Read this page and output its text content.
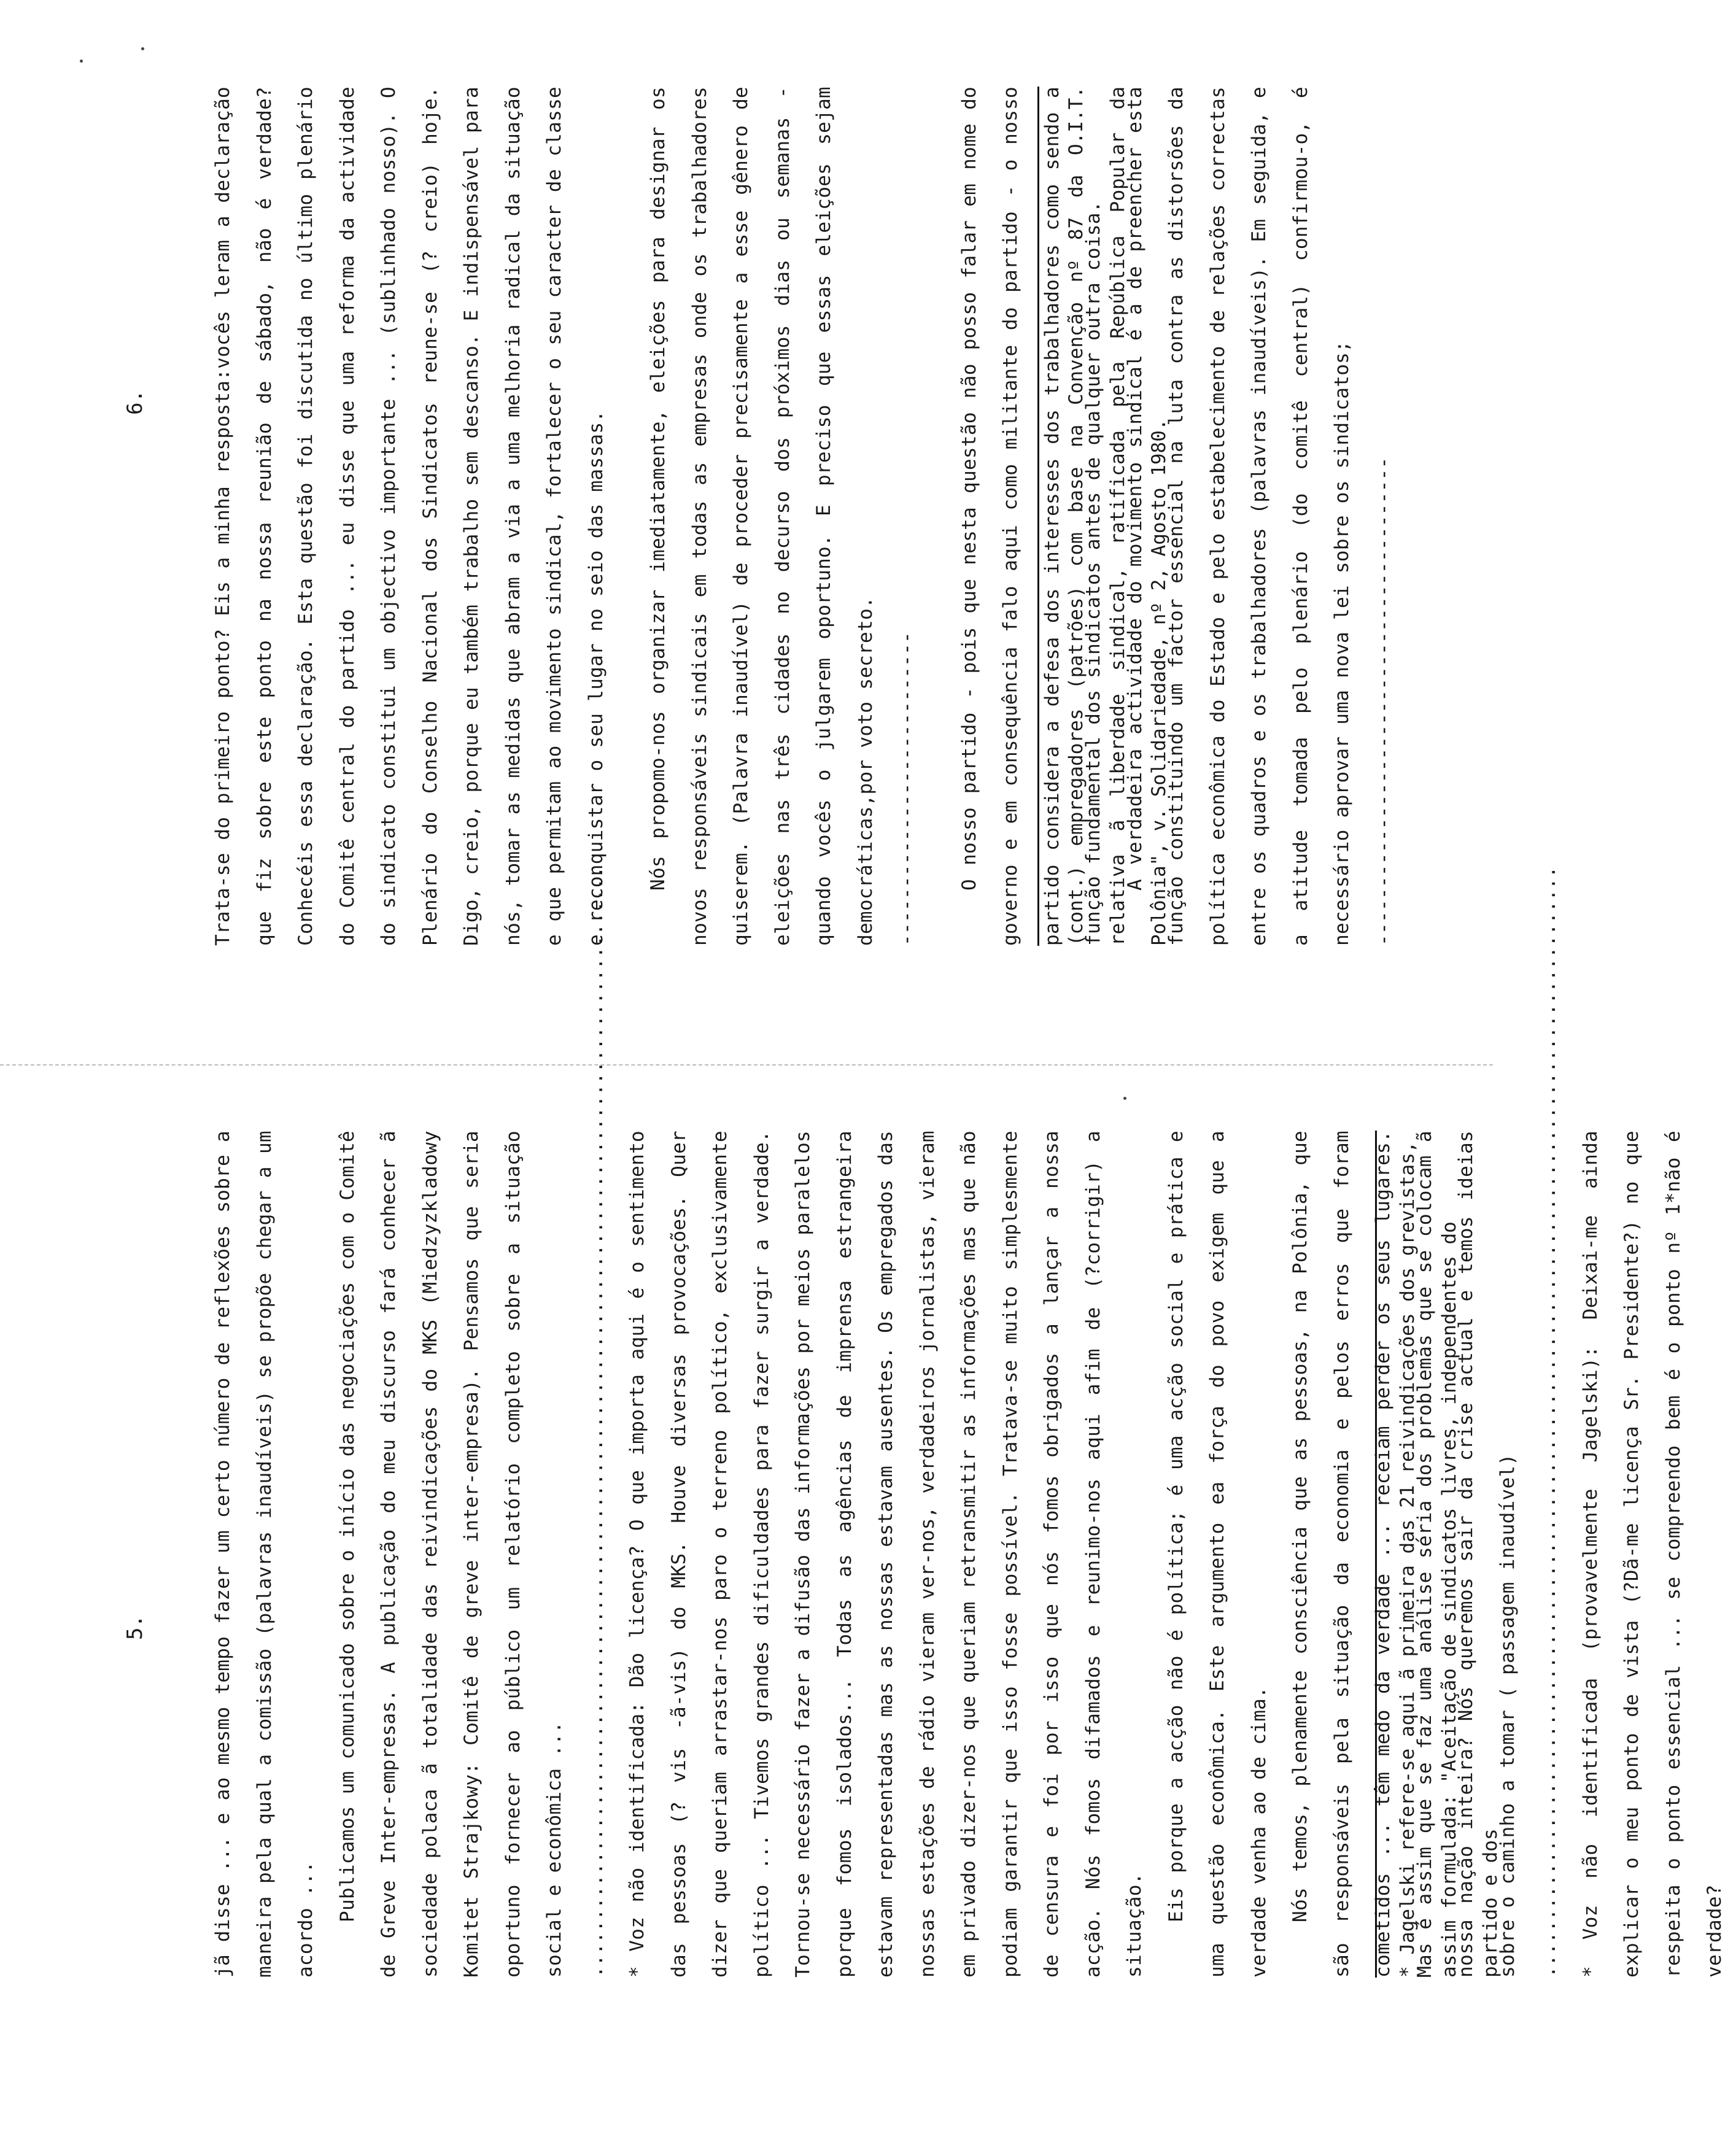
5.	jã disse ... e ao mesmo tempo fazer um certo número de reflexões sobre a maneira pela qual a comissão (palavras inaudíveis) se propõe chegar a um acordo ...	Publicamos um comunicado sobre o início das negociações com o Comitê de Greve Inter-empresas. A publicação do meu discurso fará conhecer ã sociedade polaca ã totalidade das reivindicações do MKS (Miedzyzkladowy Komitet Strajkowy: Comitê de greve inter-empresa). Pensamos que seria oportuno fornecer ao público um relatório completo sobre a situação social e econômica ...	.................................................................................................	* Voz não identificada: Dão licença? O que importa aqui é o sentimento das pessoas (? vis -ã-vis) do MKS. Houve diversas provocações. Quer dizer que queriam arrastar-nos paro o terreno político, exclusivamente político ... Tivemos grandes dificuldades para fazer surgir a verdade. Tornou-se necessário fazer a difusão das informações por meios paralelos porque fomos isolados... Todas as agências de imprensa estrangeira estavam representadas mas as nossas estavam ausentes. Os empregados das nossas estações de rádio vieram ver-nos, verdadeiros jornalistas, vieram em privado dizer-nos que queriam retransmitir as informações mas que não podiam garantir que isso fosse possível. Tratava-se muito simplesmente de censura e foi por isso que nós fomos obrigados a lançar a nossa acção. Nós fomos difamados e reunimo-nos aqui afim de (?corrigir) a situação.

Eis porque a acção não é política; é uma acção social e prática e uma questão econômica. Este argumento ea força do povo exigem que a verdade venha ao de cima.	Nós temos, plenamente consciência que as pessoas, na Polônia, que são responsáveis pela situação da economia e pelos erros que foram cometidos ... têm medo da verdade ... receiam perder os seus lugares. Mas é assim que se faz uma análise séria dos problemas que se colocam ã nossa nação inteira? Nós queremos sair da crise actual e temos ideias sobre o caminho a tomar ( passagem inaudível)	.................................................................................................	* Voz não identificada (provavelmente Jagelski): Deixai-me ainda explicar o meu ponto de vista (?Dã-me licença Sr. Presidente?) no que respeita o ponto essencial ... se compreendo bem é o ponto nº 1*não é verdade?

* Jagelski refere-se aqui ã primeira das 21 reivindicações dos grevistas, assim formulada: "Aceitação de sindicatos livres, independentes do partido e dos
6.	Trata-se do primeiro ponto? Eis a minha resposta:vocês leram a declaração que fiz sobre este ponto na nossa reunião de sábado, não é verdade? Conhecéis essa declaração. Esta questão foi discutida no último plenário do Comitê central do partido ... eu disse que uma reforma da actividade do sindicato constitui um objectivo importante ... (sublinhado nosso). O Plenário do Conselho Nacional dos Sindicatos reune-se (? creio) hoje. Digo, creio, porque eu também trabalho sem descanso. E indispensável para nós, tomar as medidas que abram a via a uma melhoria radical da situação e que permitam ao movimento sindical, fortalecer o seu caracter de classe e reconquistar o seu lugar no seio das massas.	Nós propomo-nos organizar imediatamente, eleições para designar os novos responsáveis sindicais em todas as empresas onde os trabalhadores quiserem. (Palavra inaudível) de proceder precisamente a esse gênero de eleições nas três cidades no decurso dos próximos dias ou semanas - quando vocês o julgarem oportuno. E preciso que essas eleições sejam democráticas,por voto secreto.	---------------------------	O nosso partido - pois que nesta questão não posso falar em nome do governo e em consequência falo aqui como militante do partido - o nosso partido considera a defesa dos interesses dos trabalhadores como sendo a função fundamental dos sindicatos antes de qualquer outra coisa.	A verdadeira actividade do movimento sindical é a de preencher esta função constituindo um factor essencial na luta contra as distorsões da política econômica do Estado e pelo estabelecimento de relações correctas entre os quadros e os trabalhadores (palavras inaudíveis). Em seguida, e a atitude tomada pelo plenário (do comitê central) confirmou-o, é necessário aprovar uma nova lei sobre os sindicatos;	------------------------------------------

(cont.) empregadores (patrões) com base na Convenção nº 87 da O.I.T. relativa ã liberdade sindical, ratificada pela República Popular da Polônia", v. Solidariedade, nº 2, Agosto 1980.
